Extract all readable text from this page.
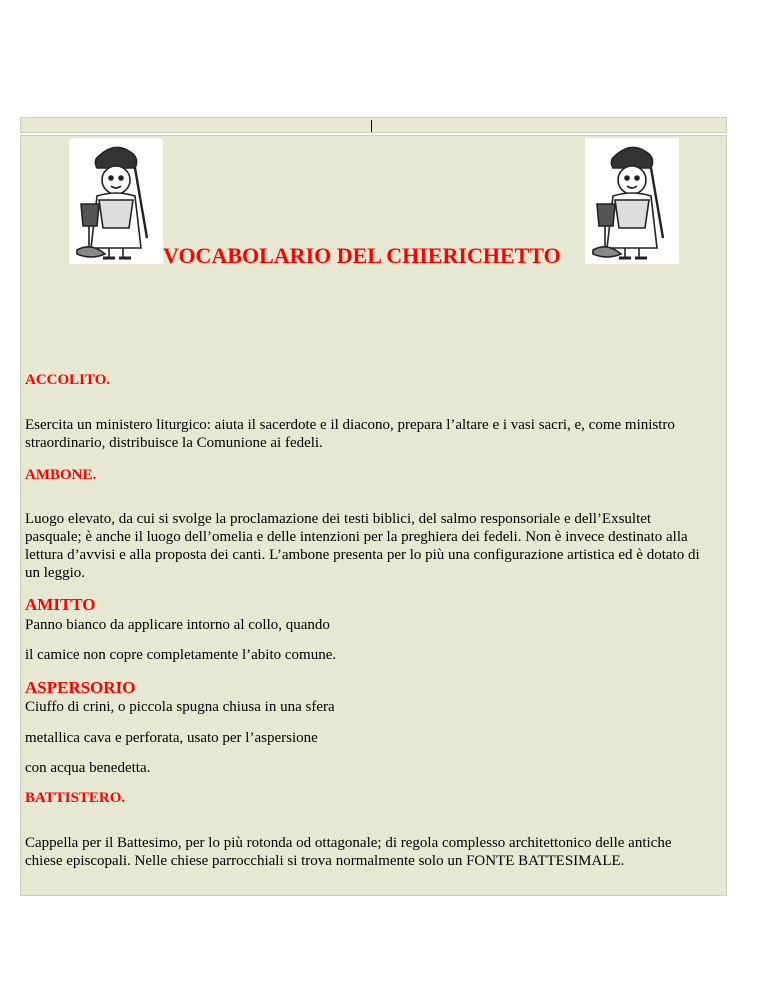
VOCABOLARIO DEL CHIERICHETTO

ACCOLITO.

Esercita un ministero liturgico: aiuta il sacerdote e il diacono, prepara l’altare e i vasi sacri, e, come ministro

straordinario, distribuisce la Comunione ai fedeli.

AMBONE.

Luogo elevato, da cui si svolge la proclamazione dei testi biblici, del salmo responsoriale e dell’Exsultet

pasquale; è anche il luogo dell’omelia e delle intenzioni per la preghiera dei fedeli. Non è invece destinato alla

lettura d’avvisi e alla proposta dei canti. L’ambone presenta per lo più una configurazione artistica ed è dotato di

un leggio.

AMITTO

Panno bianco da applicare intorno al collo, quando

il camice non copre completamente l’abito comune.

ASPERSORIO

Ciuffo di crini, o piccola spugna chiusa in una sfera

metallica cava e perforata, usato per l’aspersione

con acqua benedetta.

BATTISTERO.

Cappella per il Battesimo, per lo più rotonda od ottagonale; di regola complesso architettonico delle antiche

chiese episcopali. Nelle chiese parrocchiali si trova normalmente solo un FONTE BATTESIMALE.
